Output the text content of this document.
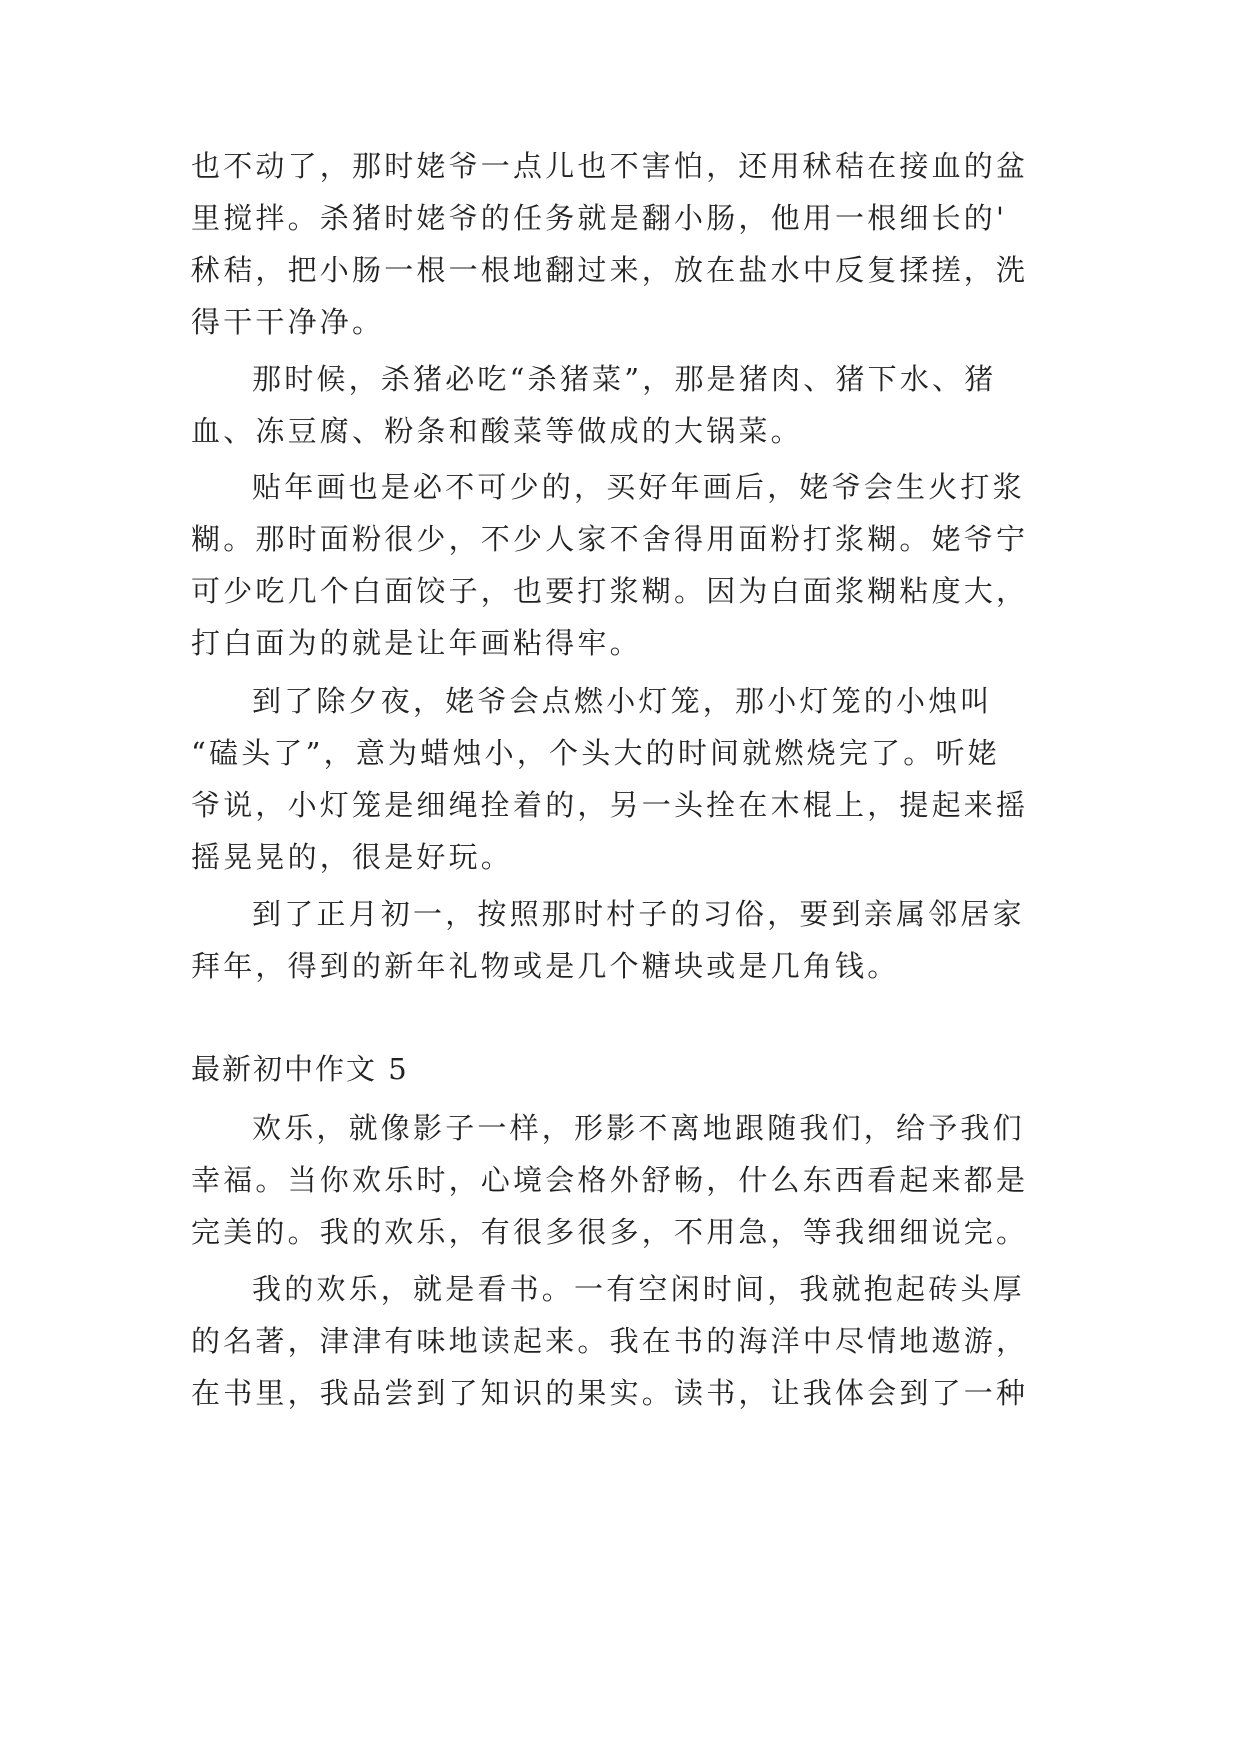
也不动了，那时姥爷一点儿也不害怕，还用秫秸在接血的盆
里搅拌。杀猪时姥爷的任务就是翻小肠，他用一根细长的'
秫秸，把小肠一根一根地翻过来，放在盐水中反复揉搓，洗
得干干净净。
那时候，杀猪必吃“杀猪菜”，那是猪肉、猪下水、猪
血、冻豆腐、粉条和酸菜等做成的大锅菜。
贴年画也是必不可少的，买好年画后，姥爷会生火打浆
糊。那时面粉很少，不少人家不舍得用面粉打浆糊。姥爷宁
可少吃几个白面饺子，也要打浆糊。因为白面浆糊粘度大，
打白面为的就是让年画粘得牢。
到了除夕夜，姥爷会点燃小灯笼，那小灯笼的小烛叫
“磕头了”，意为蜡烛小，个头大的时间就燃烧完了。听姥
爷说，小灯笼是细绳拴着的，另一头拴在木棍上，提起来摇
摇晃晃的，很是好玩。
到了正月初一，按照那时村子的习俗，要到亲属邻居家
拜年，得到的新年礼物或是几个糖块或是几角钱。
最新初中作文 5
欢乐，就像影子一样，形影不离地跟随我们，给予我们
幸福。当你欢乐时，心境会格外舒畅，什么东西看起来都是
完美的。我的欢乐，有很多很多，不用急，等我细细说完。
我的欢乐，就是看书。一有空闲时间，我就抱起砖头厚
的名著，津津有味地读起来。我在书的海洋中尽情地遨游，
在书里，我品尝到了知识的果实。读书，让我体会到了一种
